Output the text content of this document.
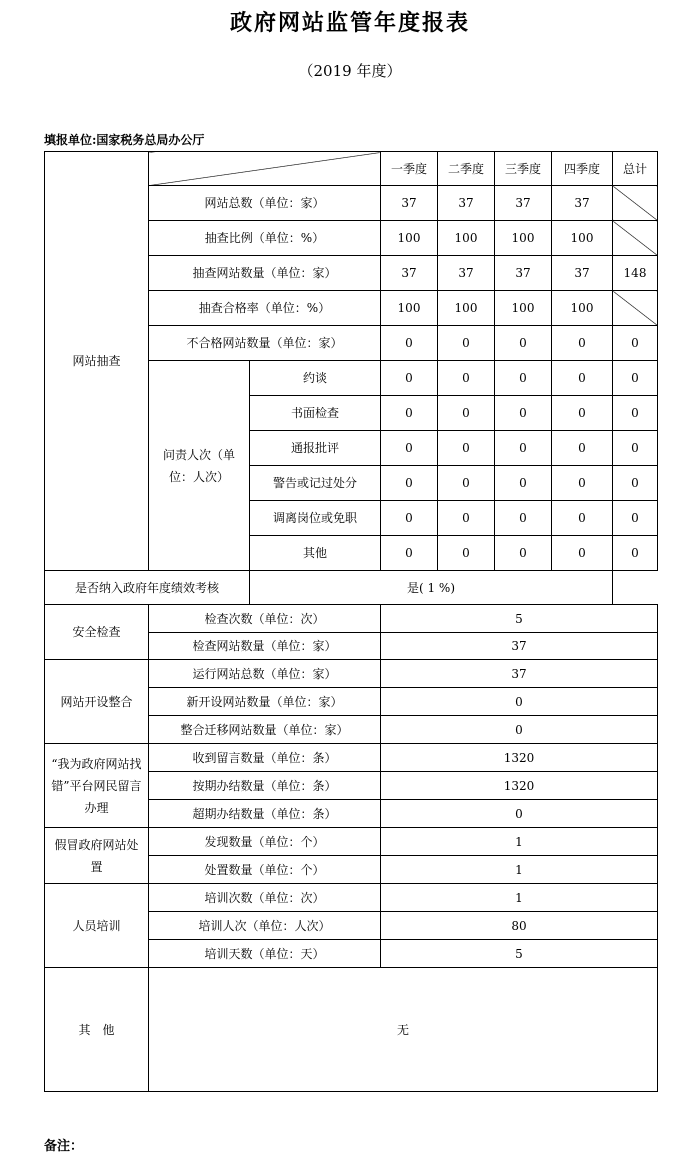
政府网站监管年度报表
（2019 年度）
填报单位:国家税务总局办公厅
网站抽查			一季度	二季度	三季度	四季度	总计
	网站总数（单位：家）		37	37	37	37	
	抽查比例（单位：%）		100	100	100	100	
	抽查网站数量（单位：家）		37	37	37	37	148
	抽查合格率（单位：%）		100	100	100	100	
	不合格网站数量（单位：家）		0	0	0	0	0

	问责人次（单位：人次）	约谈	0	0	0	0	0
		书面检查	0	0	0	0	0
		通报批评	0	0	0	0	0
		警告或记过处分	0	0	0	0	0
		调离岗位或免职	0	0	0	0	0
		其他	0	0	0	0	0
是否纳入政府年度绩效考核		是( 1 %)					
安全检查	检查次数（单位：次）		5				
	检查网站数量（单位：家）		37				
网站开设整合	运行网站总数（单位：家）		37				
	新开设网站数量（单位：家）		0				
	整合迁移网站数量（单位：家）		0				

“我为政府网站找错”平台网民留言办理	收到留言数量（单位：条）		1320				
	按期办结数量（单位：条）		1320				
	超期办结数量（单位：条）		0				

假冒政府网站处置	发现数量（单位：个）		1				
	处置数量（单位：个）		1				
人员培训	培训次数（单位：次）		1				
	培训人次（单位：人次）		80				
	培训天数（单位：天）		5				
其　他	无						
备注：
